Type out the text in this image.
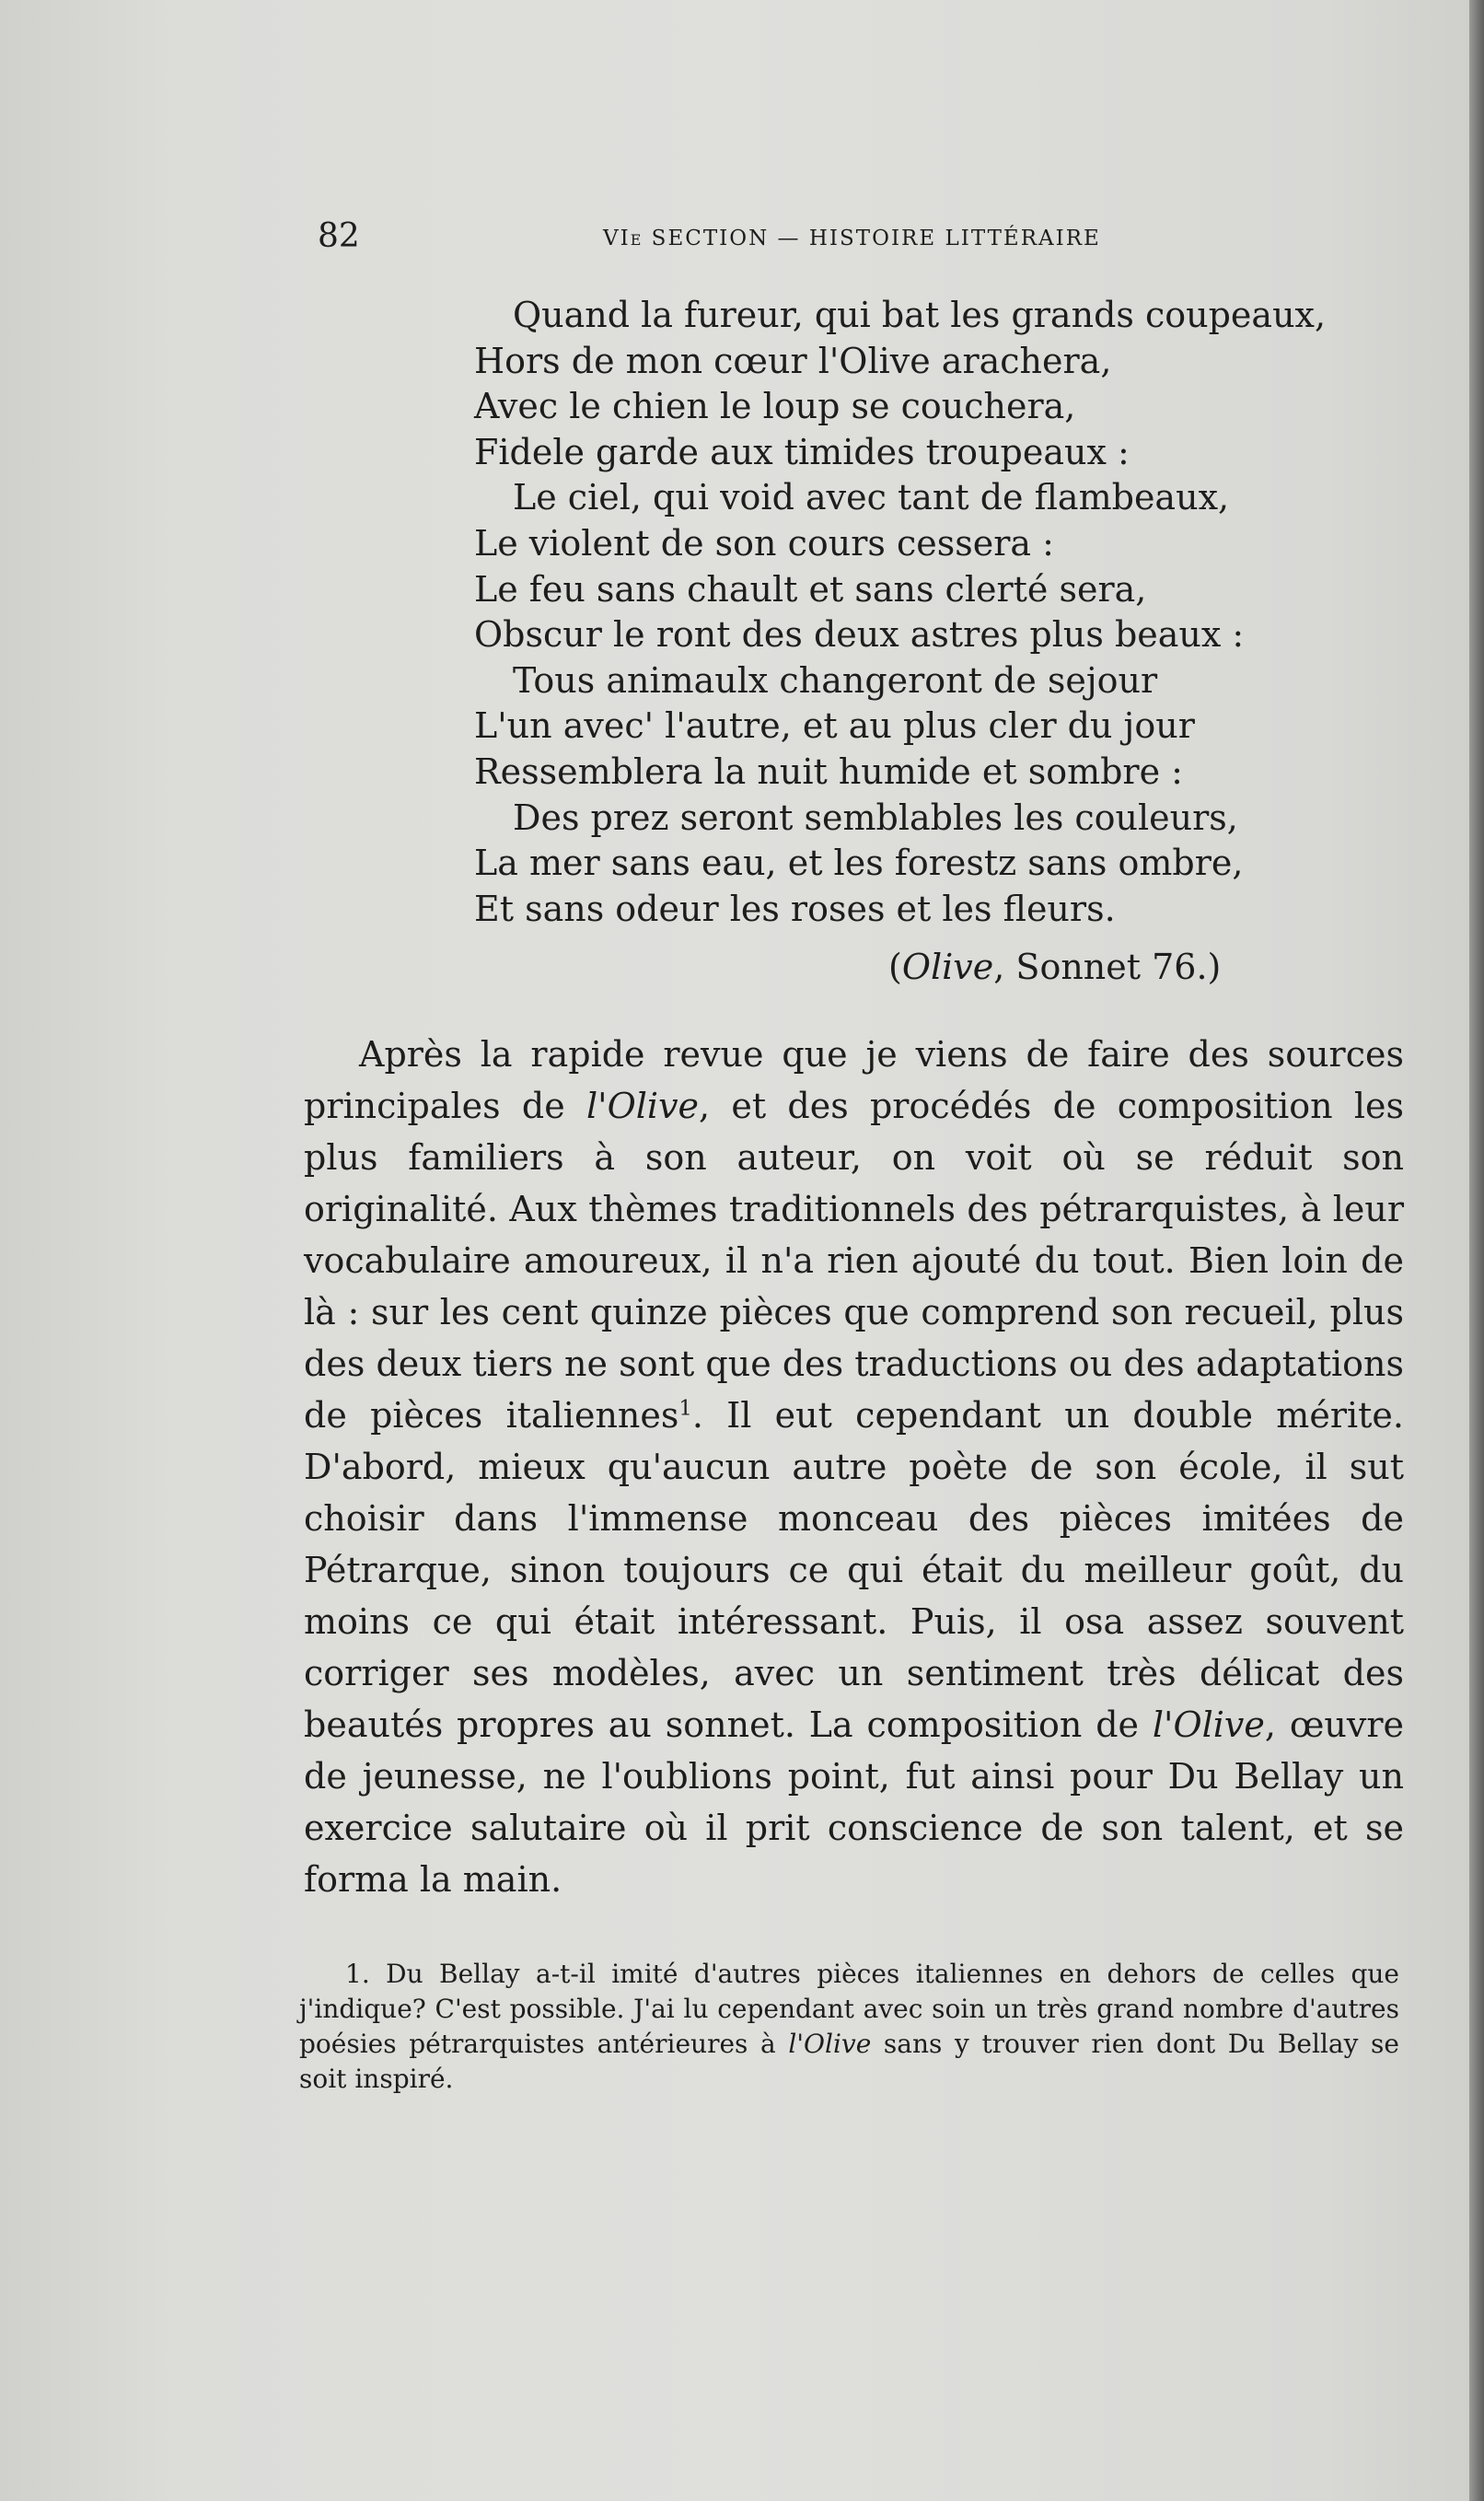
82	VIe SECTION — HISTOIRE LITTÉRAIRE
Quand la fureur, qui bat les grands coupeaux,
Hors de mon cœur l'Olive arachera,
Avec le chien le loup se couchera,
Fidele garde aux timides troupeaux :
Le ciel, qui void avec tant de flambeaux,
Le violent de son cours cessera :
Le feu sans chault et sans clerté sera,
Obscur le ront des deux astres plus beaux :
Tous animaulx changeront de sejour
L'un avec' l'autre, et au plus cler du jour
Ressemblera la nuit humide et sombre :
Des prez seront semblables les couleurs,
La mer sans eau, et les forestz sans ombre,
Et sans odeur les roses et les fleurs.
(Olive, Sonnet 76.)

Après la rapide revue que je viens de faire des sources principales de l'Olive, et des procédés de composition les plus familiers à son auteur, on voit où se réduit son originalité. Aux thèmes traditionnels des pétrarquistes, à leur vocabulaire amoureux, il n'a rien ajouté du tout. Bien loin de là : sur les cent quinze pièces que comprend son recueil, plus des deux tiers ne sont que des traductions ou des adaptations de pièces italiennes$^1$. Il eut cependant un double mérite. D'abord, mieux qu'aucun autre poète de son école, il sut choisir dans l'immense monceau des pièces imitées de Pétrarque, sinon toujours ce qui était du meilleur goût, du moins ce qui était intéressant. Puis, il osa assez souvent corriger ses modèles, avec un sentiment très délicat des beautés propres au sonnet. La composition de l'Olive, œuvre de jeunesse, ne l'oublions point, fut ainsi pour Du Bellay un exercice salutaire où il prit conscience de son talent, et se forma la main.

1. Du Bellay a-t-il imité d'autres pièces italiennes en dehors de celles que j'indique? C'est possible. J'ai lu cependant avec soin un très grand nombre d'autres poésies pétrarquistes antérieures à l'Olive sans y trouver rien dont Du Bellay se soit inspiré.
